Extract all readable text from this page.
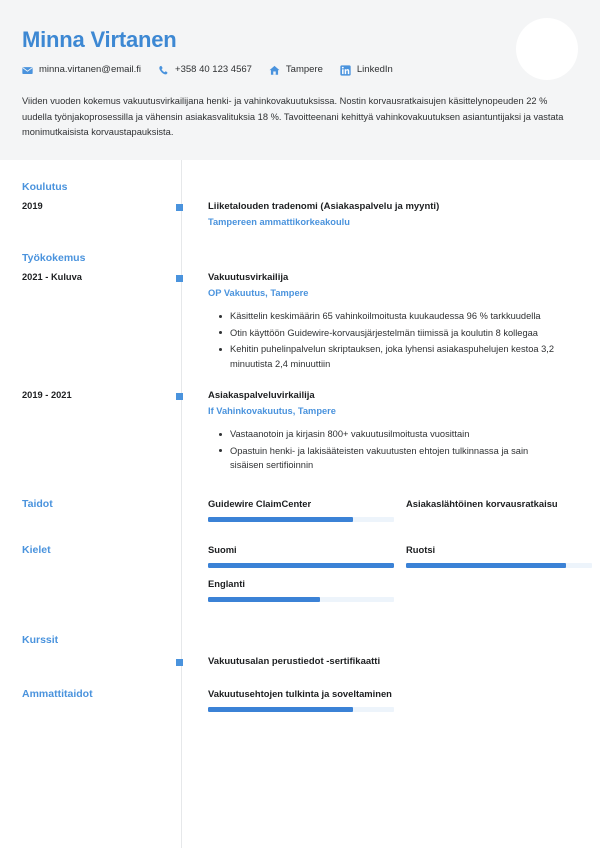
Minna Virtanen
minna.virtanen@email.fi	+358 40 123 4567	Tampere	LinkedIn
Viiden vuoden kokemus vakuutusvirkailijana henki- ja vahinkovakuutuksissa. Nostin korvausratkaisujen käsittelynopeuden 22 % uudella työnjakoprosessilla ja vähensin asiakasvalituksia 18 %. Tavoitteenani kehittyä vahinkovakuutuksen asiantuntijaksi ja vastata monimutkaisista korvaustapauksista.
Koulutus
2019	Liiketalouden tradenomi (Asiakaspalvelu ja myynti)
Tampereen ammattikorkeakoulu
Työkokemus
2021 - Kuluva	Vakuutusvirkailija
OP Vakuutus, Tampere
Käsittelin keskimäärin 65 vahinkoilmoitusta kuukaudessa 96 % tarkkuudella
Otin käyttöön Guidewire-korvausjärjestelmän tiimissä ja koulutin 8 kollegaa
Kehitin puhelinpalvelun skriptauksen, joka lyhensi asiakaspuhelujen kestoa 3,2 minuutista 2,4 minuuttiin
2019 - 2021	Asiakaspalveluvirkailija
If Vahinkovakuutus, Tampere
Vastaanotoin ja kirjasin 800+ vakuutusilmoitusta vuosittain
Opastuin henki- ja lakisääteisten vakuutusten ehtojen tulkinnassa ja sain sisäisen sertifioinnin
Taidot	Guidewire ClaimCenter	Asiakaslähtöinen korvausratkaisu
Kielet	Suomi	Ruotsi
Englanti
Kurssit
Vakuutusalan perustiedot -sertifikaatti
Ammattitaidot	Vakuutusehtojen tulkinta ja soveltaminen
